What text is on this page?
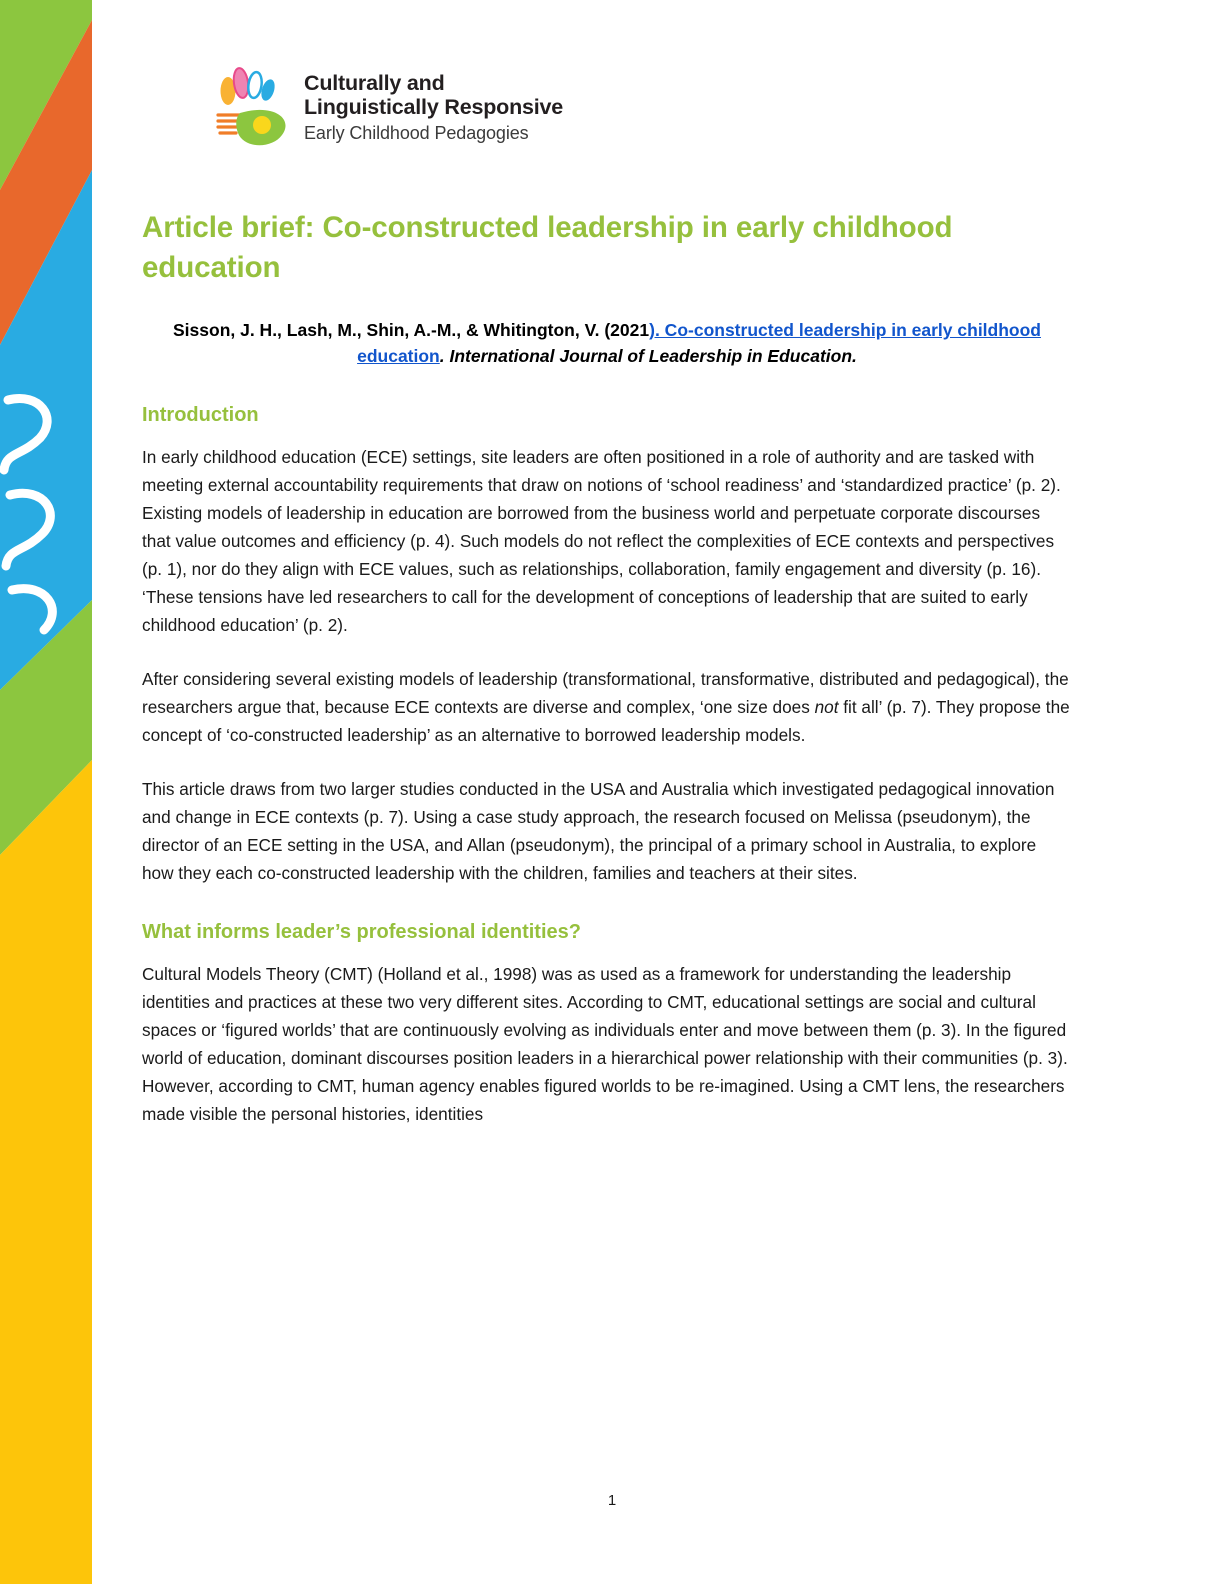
Culturally and
Linguistically Responsive
Early Childhood Pedagogies
Article brief: Co-constructed leadership in early childhood education

Sisson, J. H., Lash, M., Shin, A.-M., & Whitington, V. (2021). Co-constructed leadership in early childhood education. International Journal of Leadership in Education.

Introduction

In early childhood education (ECE) settings, site leaders are often positioned in a role of authority and are tasked with meeting external accountability requirements that draw on notions of ‘school readiness’ and ‘standardized practice’ (p. 2). Existing models of leadership in education are borrowed from the business world and perpetuate corporate discourses that value outcomes and efficiency (p. 4). Such models do not reflect the complexities of ECE contexts and perspectives (p. 1), nor do they align with ECE values, such as relationships, collaboration, family engagement and diversity (p. 16). ‘These tensions have led researchers to call for the development of conceptions of leadership that are suited to early childhood education’ (p. 2).

After considering several existing models of leadership (transformational, transformative, distributed and pedagogical), the researchers argue that, because ECE contexts are diverse and complex, ‘one size does not fit all’ (p. 7). They propose the concept of ‘co-constructed leadership’ as an alternative to borrowed leadership models.

This article draws from two larger studies conducted in the USA and Australia which investigated pedagogical innovation and change in ECE contexts (p. 7). Using a case study approach, the research focused on Melissa (pseudonym), the director of an ECE setting in the USA, and Allan (pseudonym), the principal of a primary school in Australia, to explore how they each co-constructed leadership with the children, families and teachers at their sites.

What informs leader’s professional identities?

Cultural Models Theory (CMT) (Holland et al., 1998) was as used as a framework for understanding the leadership identities and practices at these two very different sites. According to CMT, educational settings are social and cultural spaces or ‘figured worlds’ that are continuously evolving as individuals enter and move between them (p. 3). In the figured world of education, dominant discourses position leaders in a hierarchical power relationship with their communities (p. 3). However, according to CMT, human agency enables figured worlds to be re-imagined. Using a CMT lens, the researchers made visible the personal histories, identities

1
